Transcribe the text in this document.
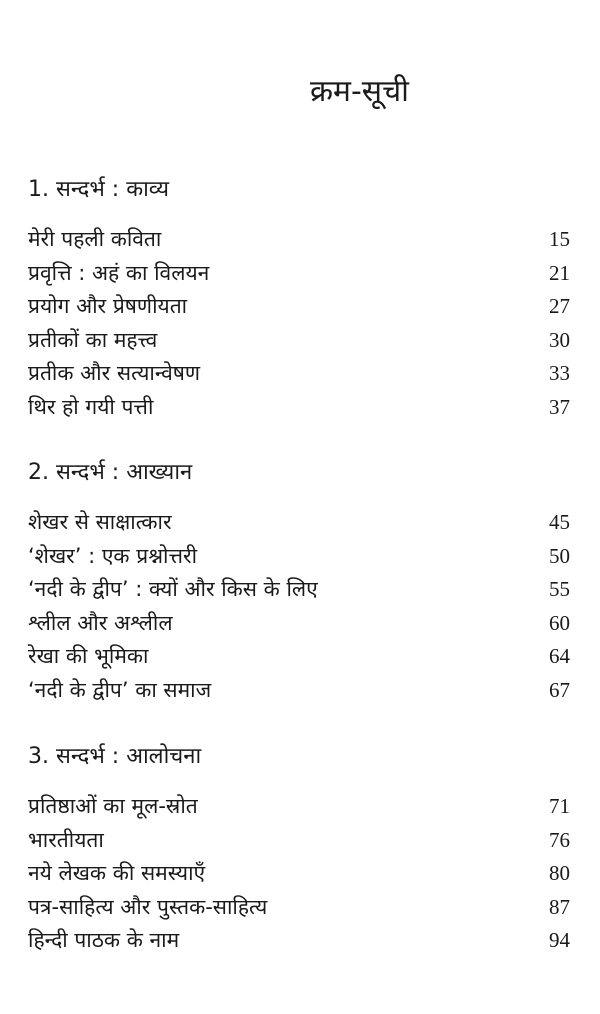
क्रम-सूची
1. सन्दर्भ : काव्य
मेरी पहली कविता	15
प्रवृत्ति : अहं का विलयन	21
प्रयोग और प्रेषणीयता	27
प्रतीकों का महत्त्व	30
प्रतीक और सत्यान्वेषण	33
थिर हो गयी पत्ती	37
2. सन्दर्भ : आख्यान
शेखर से साक्षात्कार	45
‘शेखर’ : एक प्रश्नोत्तरी	50
‘नदी के द्वीप’ : क्यों और किस के लिए	55
श्लील और अश्लील	60
रेखा की भूमिका	64
‘नदी के द्वीप’ का समाज	67
3. सन्दर्भ : आलोचना
प्रतिष्ठाओं का मूल-स्रोत	71
भारतीयता	76
नये लेखक की समस्याएँ	80
पत्र-साहित्य और पुस्तक-साहित्य	87
हिन्दी पाठक के नाम	94
